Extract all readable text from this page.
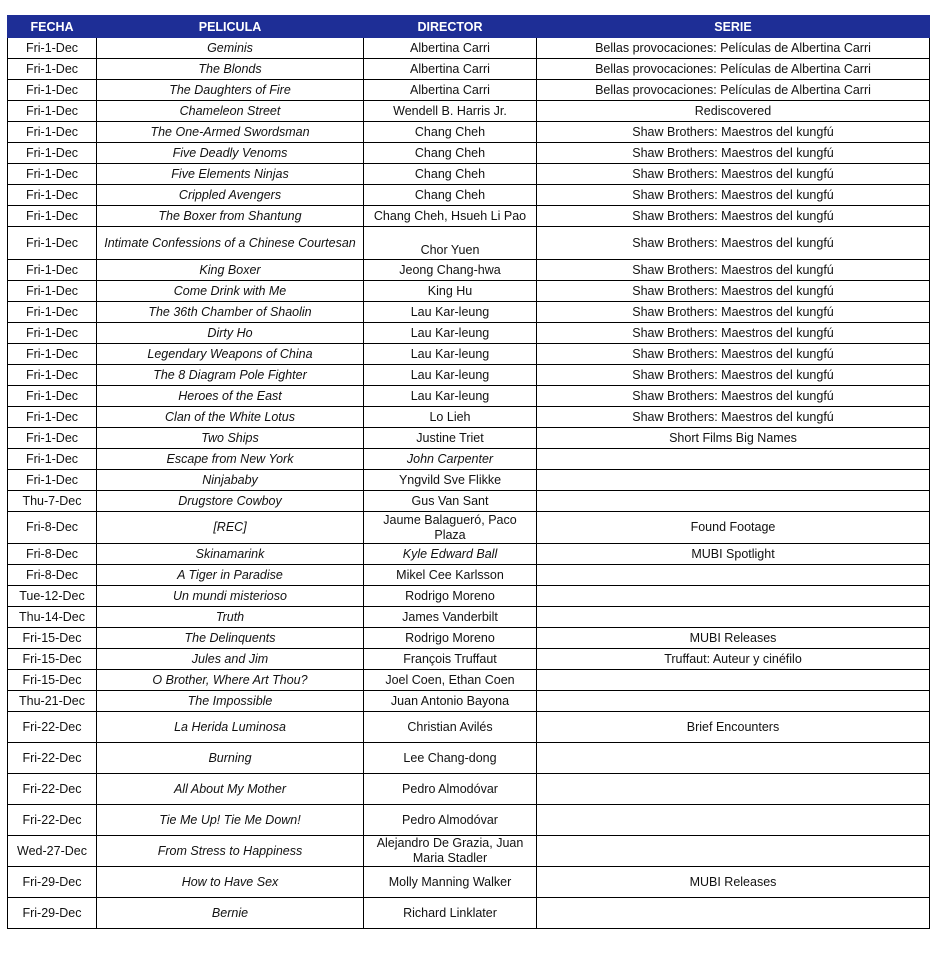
FECHA	PELICULA	DIRECTOR	SERIE
Fri-1-Dec	Geminis	Albertina Carri	Bellas provocaciones: Películas de Albertina Carri
Fri-1-Dec	The Blonds	Albertina Carri	Bellas provocaciones: Películas de Albertina Carri
Fri-1-Dec	The Daughters of Fire	Albertina Carri	Bellas provocaciones: Películas de Albertina Carri
Fri-1-Dec	Chameleon Street	Wendell B. Harris Jr.	Rediscovered
Fri-1-Dec	The One-Armed Swordsman	Chang Cheh	Shaw Brothers: Maestros del kungfú
Fri-1-Dec	Five Deadly Venoms	Chang Cheh	Shaw Brothers: Maestros del kungfú
Fri-1-Dec	Five Elements Ninjas	Chang Cheh	Shaw Brothers: Maestros del kungfú
Fri-1-Dec	Crippled Avengers	Chang Cheh	Shaw Brothers: Maestros del kungfú
Fri-1-Dec	The Boxer from Shantung	Chang Cheh, Hsueh Li Pao	Shaw Brothers: Maestros del kungfú
Fri-1-Dec	Intimate Confessions of a Chinese Courtesan	Chor Yuen	Shaw Brothers: Maestros del kungfú
Fri-1-Dec	King Boxer	Jeong Chang-hwa	Shaw Brothers: Maestros del kungfú
Fri-1-Dec	Come Drink with Me	King Hu	Shaw Brothers: Maestros del kungfú
Fri-1-Dec	The 36th Chamber of Shaolin	Lau Kar-leung	Shaw Brothers: Maestros del kungfú
Fri-1-Dec	Dirty Ho	Lau Kar-leung	Shaw Brothers: Maestros del kungfú
Fri-1-Dec	Legendary Weapons of China	Lau Kar-leung	Shaw Brothers: Maestros del kungfú
Fri-1-Dec	The 8 Diagram Pole Fighter	Lau Kar-leung	Shaw Brothers: Maestros del kungfú
Fri-1-Dec	Heroes of the East	Lau Kar-leung	Shaw Brothers: Maestros del kungfú
Fri-1-Dec	Clan of the White Lotus	Lo Lieh	Shaw Brothers: Maestros del kungfú
Fri-1-Dec	Two Ships	Justine Triet	Short Films Big Names
Fri-1-Dec	Escape from New York	John Carpenter	
Fri-1-Dec	Ninjababy	Yngvild Sve Flikke	
Thu-7-Dec	Drugstore Cowboy	Gus Van Sant	
Fri-8-Dec	[REC]	Jaume Balagueró, Paco Plaza	Found Footage
Fri-8-Dec	Skinamarink	Kyle Edward Ball	MUBI Spotlight
Fri-8-Dec	A Tiger in Paradise	Mikel Cee Karlsson	
Tue-12-Dec	Un mundi misterioso	Rodrigo Moreno	
Thu-14-Dec	Truth	James Vanderbilt	
Fri-15-Dec	The Delinquents	Rodrigo Moreno	MUBI Releases
Fri-15-Dec	Jules and Jim	François Truffaut	Truffaut: Auteur y cinéfilo
Fri-15-Dec	O Brother, Where Art Thou?	Joel Coen, Ethan Coen	
Thu-21-Dec	The Impossible	Juan Antonio Bayona	
Fri-22-Dec	La Herida Luminosa	Christian Avilés	Brief Encounters
Fri-22-Dec	Burning	Lee Chang-dong	
Fri-22-Dec	All About My Mother	Pedro Almodóvar	
Fri-22-Dec	Tie Me Up! Tie Me Down!	Pedro Almodóvar	
Wed-27-Dec	From Stress to Happiness	Alejandro De Grazia, Juan Maria Stadler	

Fri-29-Dec	How to Have Sex	Molly Manning Walker	MUBI Releases
Fri-29-Dec	Bernie	Richard Linklater	
